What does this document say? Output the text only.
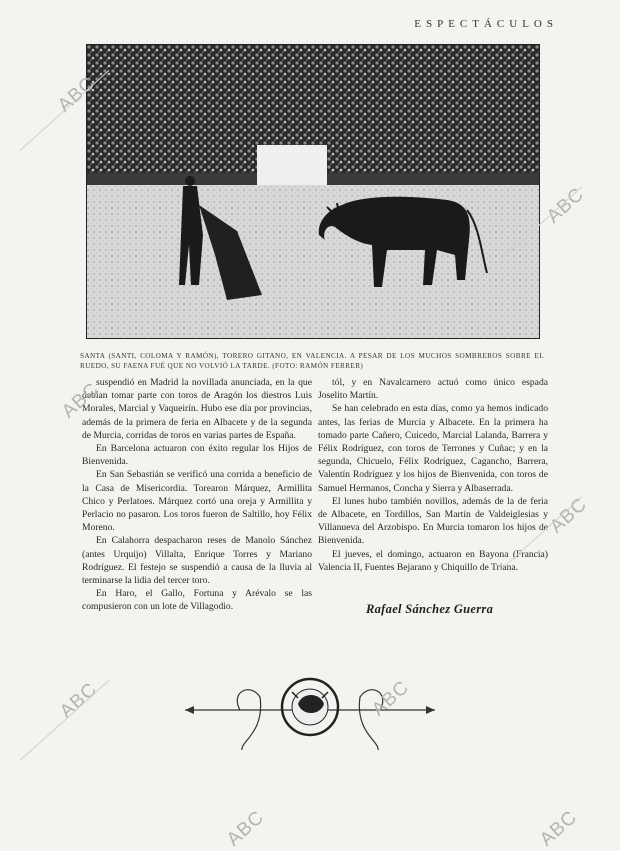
ESPECTÁCULOS
SANTA (SANTI, COLOMA Y RAMÓN), TORERO GITANO, EN VALENCIA. A PESAR DE LOS MUCHOS SOMBREROS SOBRE EL RUEDO, SU FAENA FUÉ QUE NO VOLVIÓ LA TARDE. (FOTO: RAMÓN FERRER)

suspendió en Madrid la novillada anunciada, en la que debían tomar parte con toros de Aragón los diestros Luis Morales, Marcial y Vaqueirín. Hubo ese día por provincias, además de la primera de feria en Albacete y de la segunda de Murcia, corridas de toros en varias partes de España.

En Barcelona actuaron con éxito regular los Hijos de Bienvenida.

En San Sebastián se verificó una corrida a beneficio de la Casa de Misericordia. Torearon Márquez, Armillita Chico y Perlatoes. Márquez cortó una oreja y Armillita y Perlacio no pasaron. Los toros fueron de Saltillo, hoy Félix Moreno.

En Calahorra despacharon reses de Manolo Sánchez (antes Urquijo) Villalta, Enrique Torres y Mariano Rodríguez. El festejo se suspendió a causa de la lluvia al terminarse la lidia del tercer toro.

En Haro, el Gallo, Fortuna y Arévalo se las compusieron con un lote de Villagodio.

tól, y en Navalcarnero actuó como único espada Joselito Martín.

Se han celebrado en esta días, como ya hemos indicado antes, las ferias de Murcia y Albacete. En la primera ha tomado parte Cañero, Cuicedo, Marcial Lalanda, Barrera y Félix Rodríguez, con toros de Terrones y Cuñac; y en la segunda, Chicuelo, Félix Rodríguez, Cagancho, Barrera, Valentín Rodríguez y los hijos de Bienvenida, con toros de Samuel Hermanos, Concha y Sierra y Albaserrada.

El lunes hubo también novillos, además de la de feria de Albacete, en Tordillos, San Martín de Valdeiglesias y Villanueva del Arzobispo. En Murcia tomaron los hijos de Bienvenida.

El jueves, el domingo, actuaron en Bayona (Francia) Valencia II, Fuentes Bejarano y Chiquillo de Triana.

Rafael Sánchez Guerra
ABC
ABC
ABC
ABC
ABC	ABC
ABC	ABC
